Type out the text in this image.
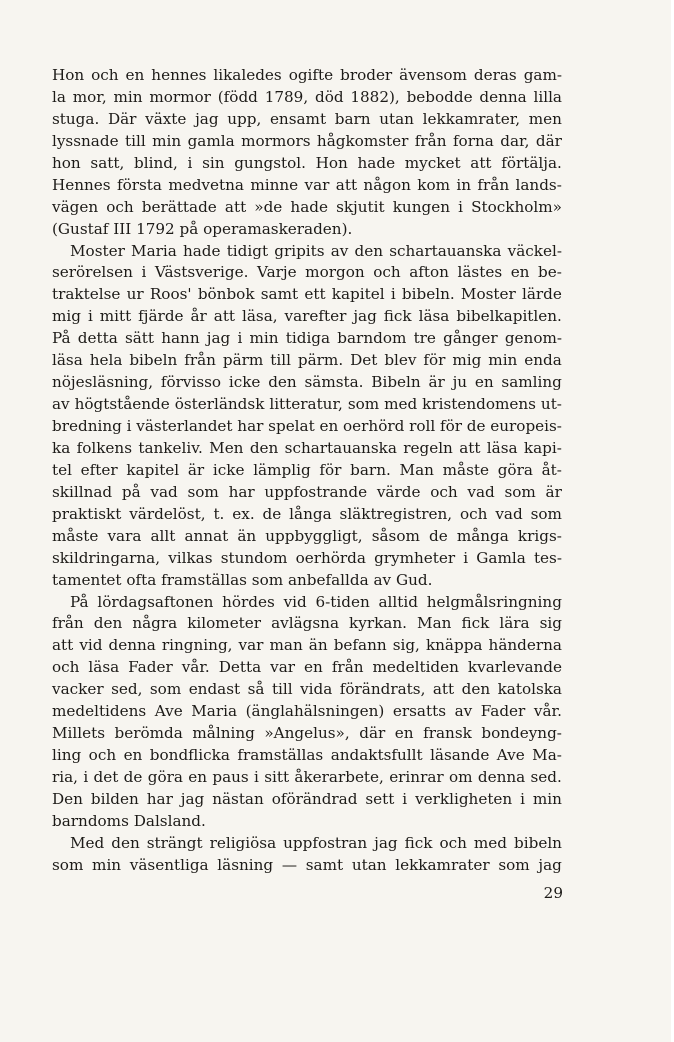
Hon och en hennes likaledes ogifte broder ävensom deras gam-
la mor, min mormor (född 1789, död 1882), bebodde denna lilla
stuga. Där växte jag upp, ensamt barn utan lekkamrater, men
lyssnade till min gamla mormors hågkomster från forna dar, där
hon satt, blind, i sin gungstol. Hon hade mycket att förtälja.
Hennes första medvetna minne var att någon kom in från lands-
vägen och berättade att »de hade skjutit kungen i Stockholm»
(Gustaf III 1792 på operamaskeraden).
Moster Maria hade tidigt gripits av den schartauanska väckel-
serörelsen i Västsverige. Varje morgon och afton lästes en be-
traktelse ur Roos' bönbok samt ett kapitel i bibeln. Moster lärde
mig i mitt fjärde år att läsa, varefter jag fick läsa bibelkapitlen.
På detta sätt hann jag i min tidiga barndom tre gånger genom-
läsa hela bibeln från pärm till pärm. Det blev för mig min enda
nöjesläsning, förvisso icke den sämsta. Bibeln är ju en samling
av högtstående österländsk litteratur, som med kristendomens ut-
bredning i västerlandet har spelat en oerhörd roll för de europeis-
ka folkens tankeliv. Men den schartauanska regeln att läsa kapi-
tel efter kapitel är icke lämplig för barn. Man måste göra åt-
skillnad på vad som har uppfostrande värde och vad som är
praktiskt värdelöst, t. ex. de långa släktregistren, och vad som
måste vara allt annat än uppbyggligt, såsom de många krigs-
skildringarna, vilkas stundom oerhörda grymheter i Gamla tes-
tamentet ofta framställas som anbefallda av Gud.
På lördagsaftonen hördes vid 6-tiden alltid helgmålsringning
från den några kilometer avlägsna kyrkan. Man fick lära sig
att vid denna ringning, var man än befann sig, knäppa händerna
och läsa Fader vår. Detta var en från medeltiden kvarlevande
vacker sed, som endast så till vida förändrats, att den katolska
medeltidens Ave Maria (änglahälsningen) ersatts av Fader vår.
Millets berömda målning »Angelus», där en fransk bondeyng-
ling och en bondflicka framställas andaktsfullt läsande Ave Ma-
ria, i det de göra en paus i sitt åkerarbete, erinrar om denna sed.
Den bilden har jag nästan oförändrad sett i verkligheten i min
barndoms Dalsland.
Med den strängt religiösa uppfostran jag fick och med bibeln
som min väsentliga läsning — samt utan lekkamrater som jag
29
